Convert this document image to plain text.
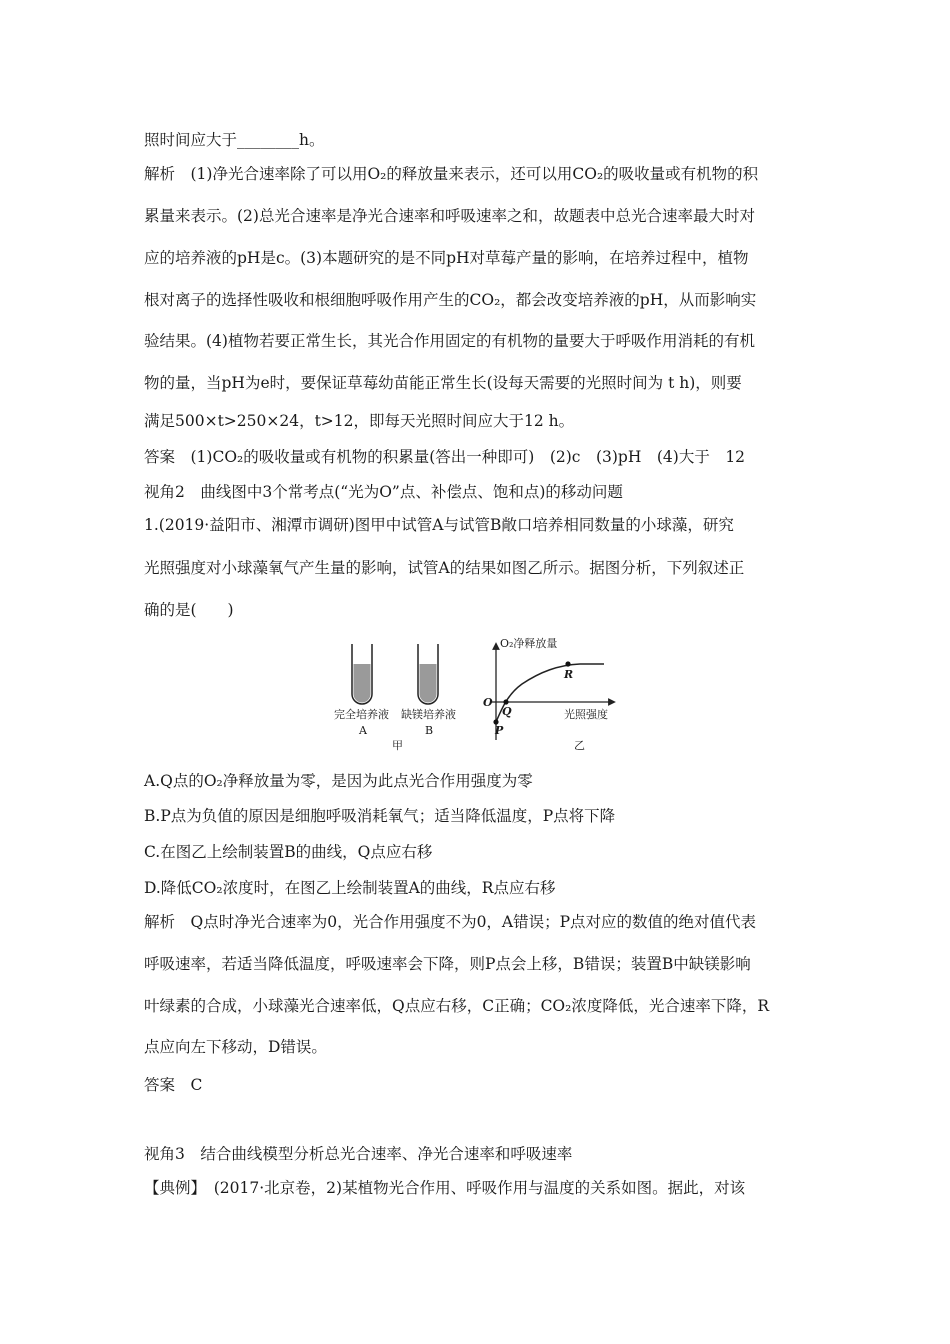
照时间应大于________h。
解析　(1)净光合速率除了可以用O₂的释放量来表示，还可以用CO₂的吸收量或有机物的积
累量来表示。(2)总光合速率是净光合速率和呼吸速率之和，故题表中总光合速率最大时对
应的培养液的pH是c。(3)本题研究的是不同pH对草莓产量的影响，在培养过程中，植物
根对离子的选择性吸收和根细胞呼吸作用产生的CO₂，都会改变培养液的pH，从而影响实
验结果。(4)植物若要正常生长，其光合作用固定的有机物的量要大于呼吸作用消耗的有机
物的量，当pH为e时，要保证草莓幼苗能正常生长(设每天需要的光照时间为 t h)，则要
满足500×t>250×24，t>12，即每天光照时间应大于12 h。
答案　(1)CO₂的吸收量或有机物的积累量(答出一种即可)　(2)c　(3)pH　(4)大于　12
视角2　曲线图中3个常考点(“光为O”点、补偿点、饱和点)的移动问题
1.(2019·益阳市、湘潭市调研)图甲中试管A与试管B敞口培养相同数量的小球藻，研究
光照强度对小球藻氧气产生量的影响，试管A的结果如图乙所示。据图分析，下列叙述正
确的是(　　)
完全培养液
A
缺镁培养液
B
甲
O₂净释放量
光照强度
O
Q
P
R
乙
A.Q点的O₂净释放量为零，是因为此点光合作用强度为零
B.P点为负值的原因是细胞呼吸消耗氧气；适当降低温度，P点将下降
C.在图乙上绘制装置B的曲线，Q点应右移
D.降低CO₂浓度时，在图乙上绘制装置A的曲线，R点应右移
解析　Q点时净光合速率为0，光合作用强度不为0，A错误；P点对应的数值的绝对值代表
呼吸速率，若适当降低温度，呼吸速率会下降，则P点会上移，B错误；装置B中缺镁影响
叶绿素的合成，小球藻光合速率低，Q点应右移，C正确；CO₂浓度降低，光合速率下降，R
点应向左下移动，D错误。
答案　C
视角3　结合曲线模型分析总光合速率、净光合速率和呼吸速率
【典例】　(2017·北京卷，2)某植物光合作用、呼吸作用与温度的关系如图。据此，对该
